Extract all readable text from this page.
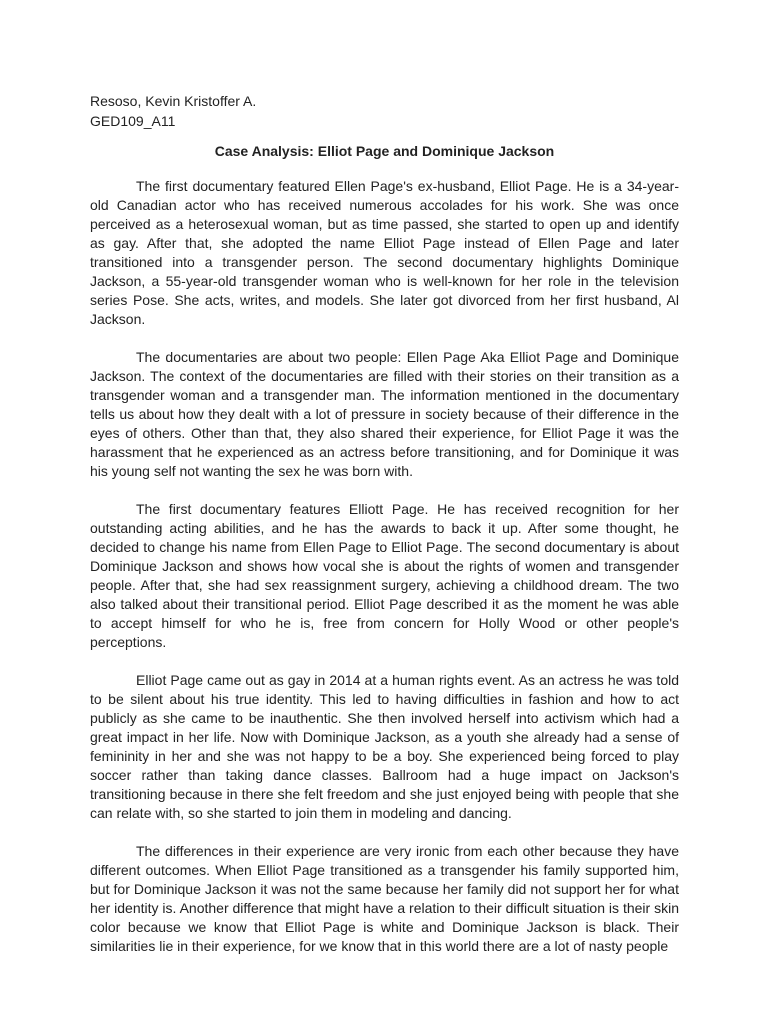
Resoso, Kevin Kristoffer A.

GED109_A11

Case Analysis: Elliot Page and Dominique Jackson

The first documentary featured Ellen Page's ex-husband, Elliot Page. He is a 34-year-old Canadian actor who has received numerous accolades for his work. She was once perceived as a heterosexual woman, but as time passed, she started to open up and identify as gay. After that, she adopted the name Elliot Page instead of Ellen Page and later transitioned into a transgender person. The second documentary highlights Dominique Jackson, a 55-year-old transgender woman who is well-known for her role in the television series Pose. She acts, writes, and models. She later got divorced from her first husband, Al Jackson.

The documentaries are about two people: Ellen Page Aka Elliot Page and Dominique Jackson. The context of the documentaries are filled with their stories on their transition as a transgender woman and a transgender man. The information mentioned in the documentary tells us about how they dealt with a lot of pressure in society because of their difference in the eyes of others. Other than that, they also shared their experience, for Elliot Page it was the harassment that he experienced as an actress before transitioning, and for Dominique it was his young self not wanting the sex he was born with.

The first documentary features Elliott Page. He has received recognition for her outstanding acting abilities, and he has the awards to back it up. After some thought, he decided to change his name from Ellen Page to Elliot Page. The second documentary is about Dominique Jackson and shows how vocal she is about the rights of women and transgender people. After that, she had sex reassignment surgery, achieving a childhood dream. The two also talked about their transitional period. Elliot Page described it as the moment he was able to accept himself for who he is, free from concern for Holly Wood or other people's perceptions.

Elliot Page came out as gay in 2014 at a human rights event. As an actress he was told to be silent about his true identity. This led to having difficulties in fashion and how to act publicly as she came to be inauthentic. She then involved herself into activism which had a great impact in her life. Now with Dominique Jackson, as a youth she already had a sense of femininity in her and she was not happy to be a boy. She experienced being forced to play soccer rather than taking dance classes. Ballroom had a huge impact on Jackson's transitioning because in there she felt freedom and she just enjoyed being with people that she can relate with, so she started to join them in modeling and dancing.

The differences in their experience are very ironic from each other because they have different outcomes. When Elliot Page transitioned as a transgender his family supported him, but for Dominique Jackson it was not the same because her family did not support her for what her identity is. Another difference that might have a relation to their difficult situation is their skin color because we know that Elliot Page is white and Dominique Jackson is black. Their similarities lie in their experience, for we know that in this world there are a lot of nasty people
